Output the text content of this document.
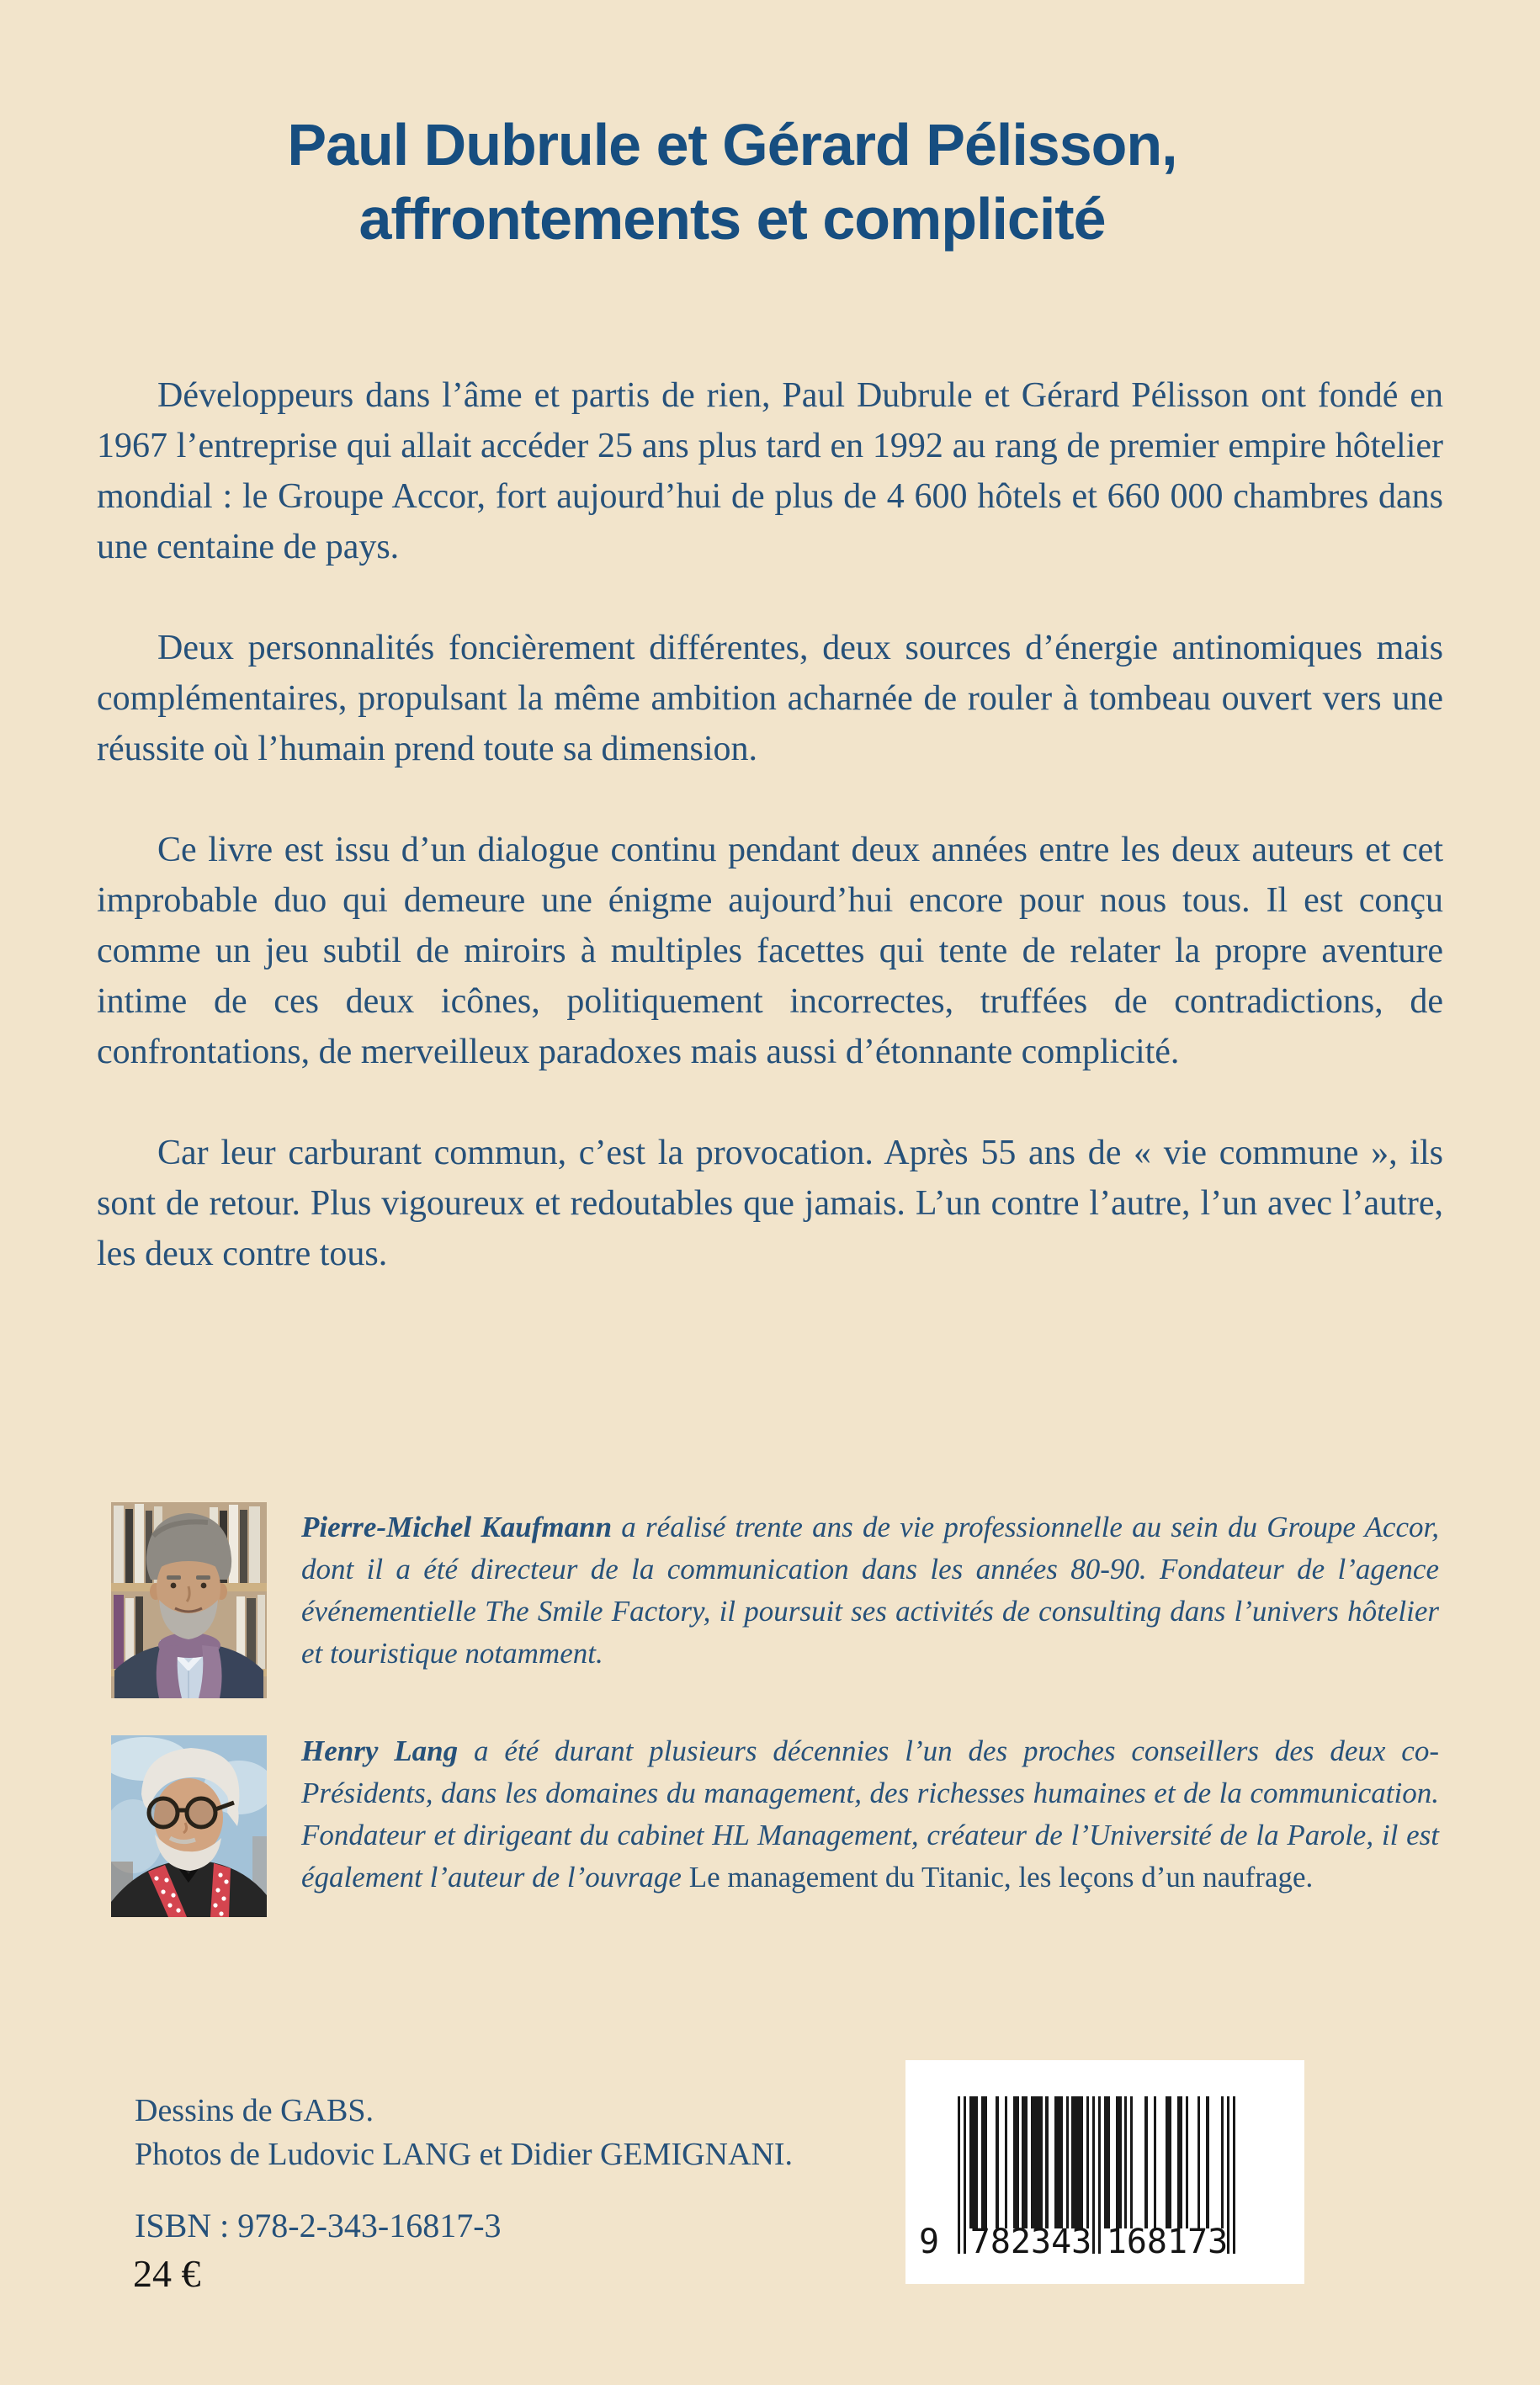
Paul Dubrule et Gérard Pélisson,
affrontements et complicité

Développeurs dans l’âme et partis de rien, Paul Dubrule et Gérard Pélisson ont fondé en 1967 l’entreprise qui allait accéder 25 ans plus tard en 1992 au rang de premier empire hôtelier mondial : le Groupe Accor, fort aujourd’hui de plus de 4 600 hôtels et 660 000 chambres dans une centaine de pays.

Deux personnalités foncièrement différentes, deux sources d’énergie antinomiques mais complémentaires, propulsant la même ambition acharnée de rouler à tombeau ouvert vers une réussite où l’humain prend toute sa dimension.

Ce livre est issu d’un dialogue continu pendant deux années entre les deux auteurs et cet improbable duo qui demeure une énigme aujourd’hui encore pour nous tous. Il est conçu comme un jeu subtil de miroirs à multiples facettes qui tente de relater la propre aventure intime de ces deux icônes, politiquement incorrectes, truffées de contradictions, de confrontations, de merveilleux paradoxes mais aussi d’étonnante complicité.

Car leur carburant commun, c’est la provocation. Après 55 ans de « vie commune », ils sont de retour. Plus vigoureux et redoutables que jamais. L’un contre l’autre, l’un avec l’autre, les deux contre tous.

Pierre-Michel Kaufmann a réalisé trente ans de vie professionnelle au sein du Groupe Accor, dont il a été directeur de la communication dans les années 80-90. Fondateur de l’agence événementielle The Smile Factory, il poursuit ses activités de consulting dans l’univers hôtelier et touristique notamment.

Henry Lang a été durant plusieurs décennies l’un des proches conseillers des deux co-Présidents, dans les domaines du management, des richesses humaines et de la communication. Fondateur et dirigeant du cabinet HL Management, créateur de l’Université de la Parole, il est également l’auteur de l’ouvrage Le management du Titanic, les leçons d’un naufrage.

Dessins de GABS.
Photos de Ludovic LANG et Didier GEMIGNANI.
ISBN : 978-2-343-16817-3
24 €
9 782343 168173
